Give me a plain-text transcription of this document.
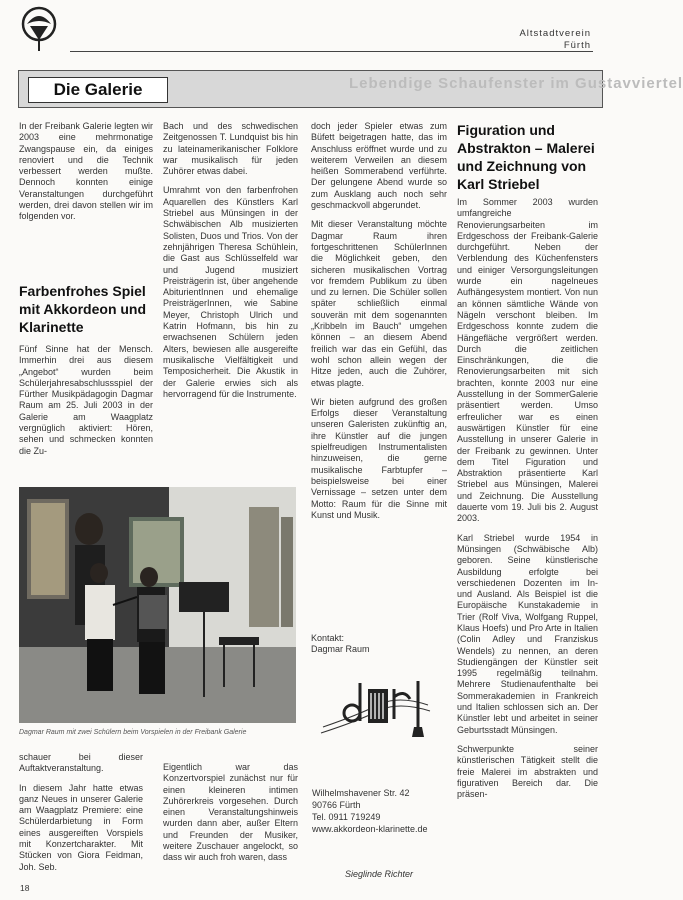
Altstadtverein
Fürth
Lebendige Schaufenster im Gustavviertel
Die Galerie

In der Freibank Galerie legten wir 2003 eine mehrmonatige Zwangspause ein, da einiges renoviert und die Technik verbessert werden mußte. Dennoch konnten einige Veranstaltungen durchgeführt werden, drei davon stellen wir im folgenden vor.

Farbenfrohes Spiel mit Akkordeon und Klarinette

Fünf Sinne hat der Mensch. Immerhin drei aus diesem „Angebot“ wurden beim Schülerjahresabschlussspiel der Fürther Musikpädagogin Dagmar Raum am 25. Juli 2003 in der Galerie am Waagplatz vergnüglich aktiviert: Hören, sehen und schmecken konnten die Zu-

Dagmar Raum mit zwei Schülern beim Vorspielen in der Freibank Galerie

schauer bei dieser Auftaktveranstaltung.

In diesem Jahr hatte etwas ganz Neues in unserer Galerie am Waagplatz Premiere: eine Schülerdarbietung in Form eines ausgereiften Vorspiels mit Konzertcharakter. Mit Stücken von Giora Feidman, Joh. Seb.

Bach und des schwedischen Zeitgenossen T. Lundquist bis hin zu lateinamerikanischer Folklore war musikalisch für jeden Zuhörer etwas dabei.

Umrahmt von den farbenfrohen Aquarellen des Künstlers Karl Striebel aus Münsingen in der Schwäbischen Alb musizierten Solisten, Duos und Trios. Von der zehnjährigen Theresa Schühlein, die Gast aus Schlüsselfeld war und Jugend musiziert Preisträgerin ist, über angehende AbiturientInnen und ehemalige PreisträgerInnen, wie Sabine Meyer, Christoph Ulrich und Katrin Hofmann, bis hin zu erwachsenen Schülern jeden Alters, bewiesen alle ausgereifte musikalische Vielfältigkeit und Temposicherheit. Die Akustik in der Galerie erwies sich als hervorragend für die Instrumente.

Eigentlich war das Konzertvorspiel zunächst nur für einen kleineren intimen Zuhörerkreis vorgesehen. Durch einen Veranstaltungshinweis wurden dann aber, außer Eltern und Freunden der Musiker, weitere Zuschauer angelockt, so dass wir auch froh waren, dass

doch jeder Spieler etwas zum Büfett beigetragen hatte, das im Anschluss eröffnet wurde und zu weiterem Verweilen an diesem heißen Sommerabend verführte. Der gelungene Abend wurde so zum Ausklang auch noch sehr geschmackvoll abgerundet.

Mit dieser Veranstaltung möchte Dagmar Raum ihren fortgeschrittenen SchülerInnen die Möglichkeit geben, den sicheren musikalischen Vortrag vor fremdem Publikum zu üben und zu lernen. Die Schüler sollen später schließlich einmal souverän mit dem sogenannten „Kribbeln im Bauch“ umgehen können – an diesem Abend freilich war das ein Gefühl, das wohl schon allein wegen der Hitze jeden, auch die Zuhörer, etwas plagte.

Wir bieten aufgrund des großen Erfolgs dieser Veranstaltung unseren Galeristen zukünftig an, ihre Künstler auf die jungen spielfreudigen Instrumentalisten hinzuweisen, die gerne musikalische Farbtupfer – beispielsweise bei einer Vernissage – setzen unter dem Motto: Raum für die Sinne mit Kunst und Musik.

Kontakt:
Dagmar Raum
Wilhelmshavener Str. 42
90766 Fürth
Tel. 0911 719249
www.akkordeon-klarinette.de
Sieglinde Richter
Figuration und Abstrakton – Malerei und Zeichnung von Karl Striebel

Im Sommer 2003 wurden umfangreiche Renovierungsarbeiten im Erdgeschoss der Freibank-Galerie durchgeführt. Neben der Verblendung des Küchenfensters und einiger Versorgungsleitungen wurde ein nagelneues Aufhängesystem montiert. Von nun an können sämtliche Wände von Nägeln verschont bleiben. Im Erdgeschoss konnte zudem die Hängefläche vergrößert werden. Durch die zeitlichen Einschränkungen, die die Renovierungsarbeiten mit sich brachten, konnte 2003 nur eine Ausstellung in der SommerGalerie präsentiert werden. Umso erfreulicher war es einen auswärtigen Künstler für eine Ausstellung in unserer Galerie in der Freibank zu gewinnen. Unter dem Titel Figuration und Abstraktion präsentierte Karl Striebel aus Münsingen, Malerei und Zeichnung. Die Ausstellung dauerte vom 19. Juli bis 2. August 2003.

Karl Striebel wurde 1954 in Münsingen (Schwäbische Alb) geboren. Seine künstlerische Ausbildung erfolgte bei verschiedenen Dozenten im In- und Ausland. Als Beispiel ist die Europäische Kunstakademie in Trier (Rolf Viva, Wolfgang Ruppel, Klaus Hoefs) und Pro Arte in Italien (Colin Adley und Franziskus Wendels) zu nennen, an deren Studiengängen der Künstler seit 1995 regelmäßig teilnahm. Mehrere Studienaufenthalte bei Sommerakademien in Frankreich und Italien schlossen sich an. Der Künstler lebt und arbeitet in seiner Geburtsstadt Münsingen.

Schwerpunkte seiner künstlerischen Tätigkeit stellt die freie Malerei im abstrakten und figurativen Bereich dar. Die präsen-

18
